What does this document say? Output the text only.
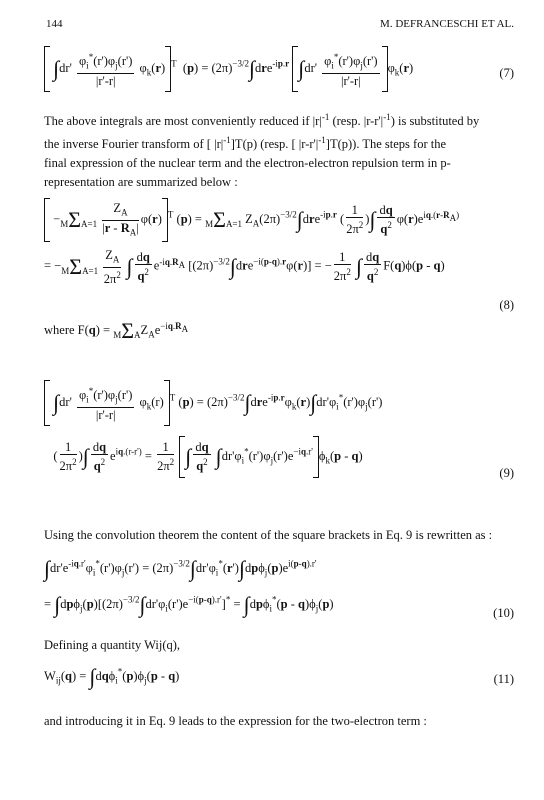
144	M. DEFRANCESCHI ET AL.
$\int dr' \frac{\varphi_i^*(r')\varphi_j(r')}{|r'-r|} \varphi_k(r)$ $^T$  $(p) = (2\pi)^{-3/2}\int dre^{-ip.r}$ $\int dr' \frac{\varphi_i^*(r')\varphi_j(r')}{|r'-r|} \varphi_k(r)$	(7)
The above integrals are most conveniently reduced if $|r|^{-1}$ (resp. $|r-r'|^{-1}$) is substituted by
the inverse Fourier transform of [ $|r|^{-1}]T(p)$ (resp. [ $|r-r'|^{-1}]T(p)$). The steps for the
final expression of the nuclear term and the electron-electron repulsion term in p-
representation are summarized below :
$-M\Sigma A=1 \frac{Z_A}{|r - R_A|} \varphi(r)$ $^T$ (p) = MΣA=1 $Z_A(2\pi)^{-3/2}\int dre^{-ip.r}$ ( $\frac{1}{2\pi^2}$ )∫ $\frac{dq}{q^2} \varphi(r)e^{iq.(r-R_A)}$
= $-M\Sigma A=1 \frac{Z_A}{2\pi^2}$ ∫ $\frac{dq}{q^2} e^{-iq.R_A}$ $[(2\pi)^{-3/2}\int dre^{-i(p-q).r}\varphi(r)]$ = − $\frac{1}{2\pi^2}$ ∫ $\frac{dq}{q^2} F(q)\phi(p - q)$
(8)
where $F(q) = M\Sigma AZ_Ae^{-iq.R_A}$
$\int dr' \frac{\varphi_i^*(r')\varphi_j(r')}{|r'-r|} \varphi_k(r)$ $^T$ $(p) = (2\pi)^{-3/2}\int dre^{-ip.r}\varphi_k(r)\int dr'\varphi_i^*(r')\varphi_j(r')$
( $\frac{1}{2\pi^2}$ )∫ $\frac{dq}{q^2} e^{iq.(r-r')} = \frac{1}{2\pi^2}$ ∫ $\frac{dq}{q^2} \int dr'\varphi_i^*(r')\varphi_j(r')e^{-iq.r'}$ $\phi_k(p - q)$
(9)
Using the convolution theorem the content of the square brackets in Eq. 9 is rewritten as :
$\int dr'e^{-iq.r'}\varphi_i^*(r')\varphi_j(r') = (2\pi)^{-3/2}\int dr'\varphi_i^*(r')\int dp\phi_j(p)e^{i(p-q).r'}$
= $\int dp\phi_j(p)[(2\pi)^{-3/2}\int dr'\varphi_i(r')e^{-i(p-q).r'}]^* = \int dp\phi_i^*(p - q)\phi_j(p)$
(10)
Defining a quantity Wij(q),
$W_{ij}(q) = \int dq\phi_i^*(p)\phi_j(p - q)$	(11)
and introducing it in Eq. 9 leads to the expression for the two-electron term :
